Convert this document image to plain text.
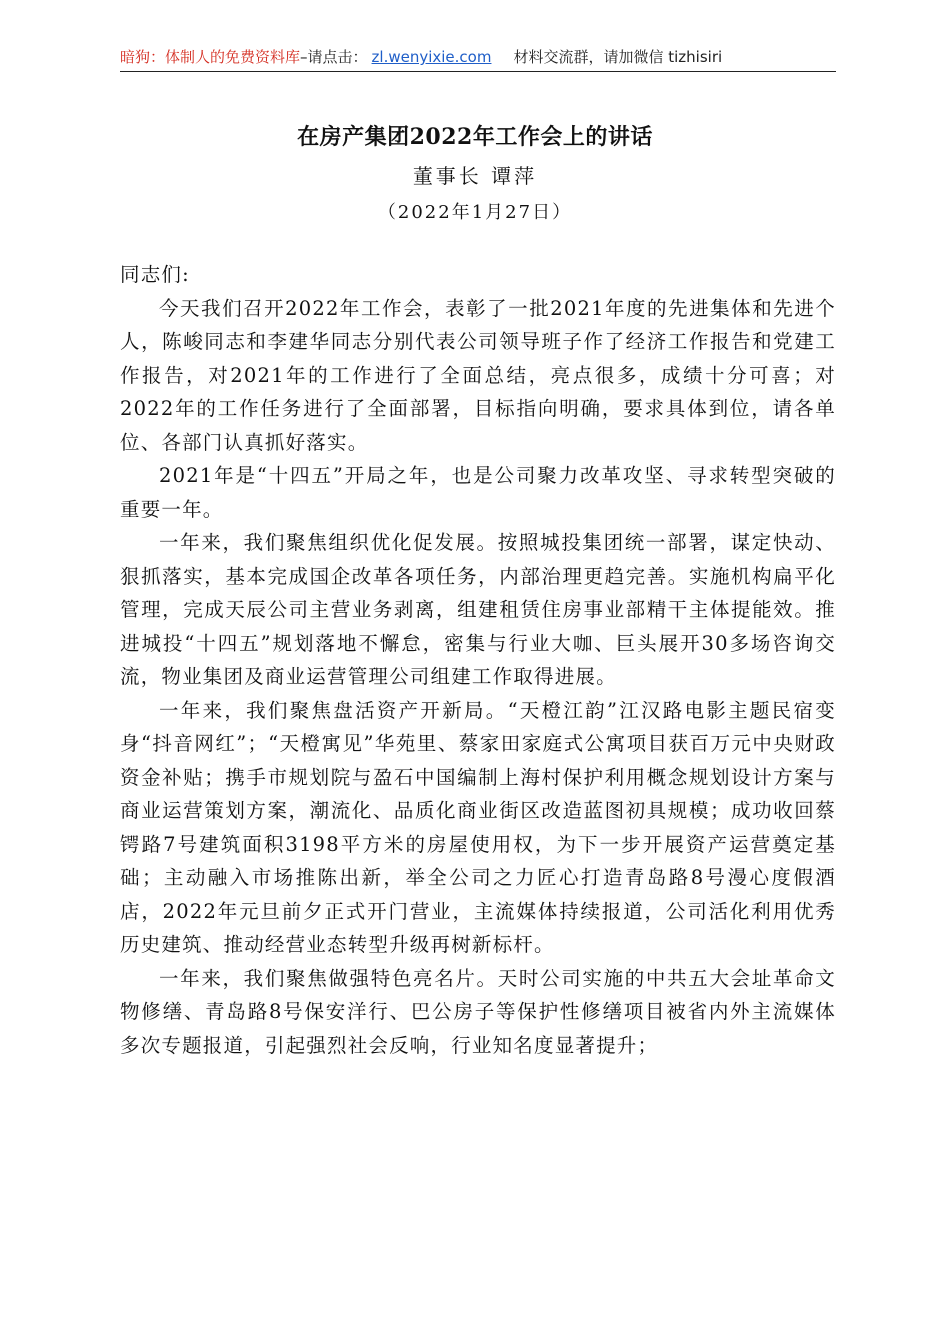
暗狗：体制人的免费资料库–请点击： zl.wenyixie.com 材料交流群，请加微信 tizhisiri
在房产集团2022年工作会上的讲话
董事长 谭萍
（2022年1月27日）

同志们:

今天我们召开2022年工作会，表彰了一批2021年度的先进集体和先进个人，陈峻同志和李建华同志分别代表公司领导班子作了经济工作报告和党建工作报告，对2021年的工作进行了全面总结，亮点很多，成绩十分可喜；对2022年的工作任务进行了全面部署，目标指向明确，要求具体到位，请各单位、各部门认真抓好落实。

2021年是“十四五”开局之年，也是公司聚力改革攻坚、寻求转型突破的重要一年。

一年来，我们聚焦组织优化促发展。按照城投集团统一部署，谋定快动、狠抓落实，基本完成国企改革各项任务，内部治理更趋完善。实施机构扁平化管理，完成天辰公司主营业务剥离，组建租赁住房事业部精干主体提能效。推进城投“十四五”规划落地不懈怠，密集与行业大咖、巨头展开30多场咨询交流，物业集团及商业运营管理公司组建工作取得进展。

一年来，我们聚焦盘活资产开新局。“天橙江韵”江汉路电影主题民宿变身“抖音网红”；“天橙寓见”华苑里、蔡家田家庭式公寓项目获百万元中央财政资金补贴；携手市规划院与盈石中国编制上海村保护利用概念规划设计方案与商业运营策划方案，潮流化、品质化商业街区改造蓝图初具规模；成功收回蔡锷路7号建筑面积3198平方米的房屋使用权，为下一步开展资产运营奠定基础；主动融入市场推陈出新，举全公司之力匠心打造青岛路8号漫心度假酒店，2022年元旦前夕正式开门营业，主流媒体持续报道，公司活化利用优秀历史建筑、推动经营业态转型升级再树新标杆。

一年来，我们聚焦做强特色亮名片。天时公司实施的中共五大会址革命文物修缮、青岛路8号保安洋行、巴公房子等保护性修缮项目被省内外主流媒体多次专题报道，引起强烈社会反响，行业知名度显著提升；
